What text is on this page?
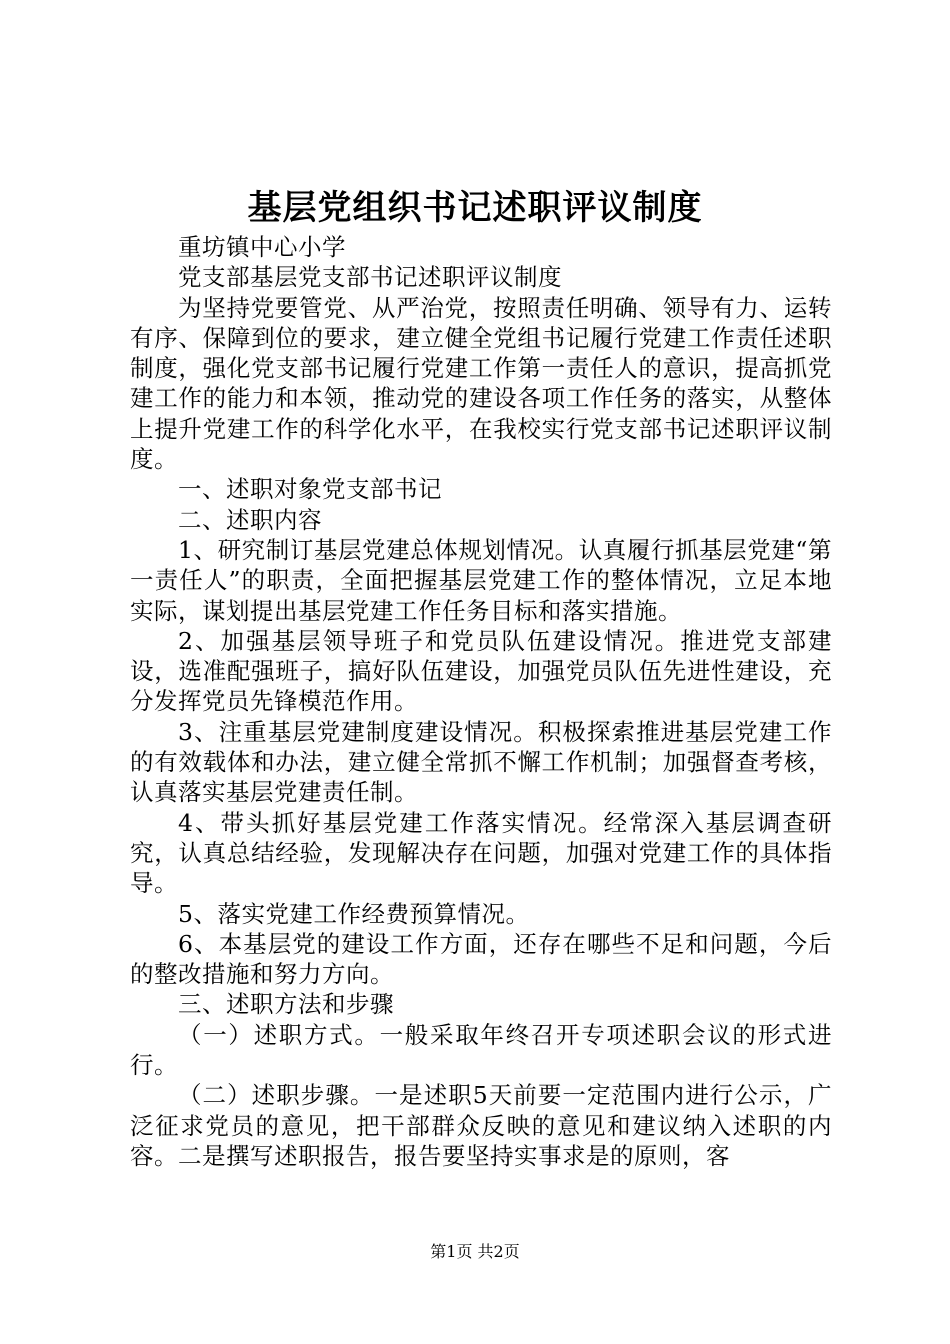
基层党组织书记述职评议制度

重坊镇中心小学

党支部基层党支部书记述职评议制度

为坚持党要管党、从严治党，按照责任明确、领导有力、运转有序、保障到位的要求，建立健全党组书记履行党建工作责任述职制度，强化党支部书记履行党建工作第一责任人的意识，提高抓党建工作的能力和本领，推动党的建设各项工作任务的落实，从整体上提升党建工作的科学化水平，在我校实行党支部书记述职评议制度。

一、述职对象党支部书记

二、述职内容

1、研究制订基层党建总体规划情况。认真履行抓基层党建“第一责任人”的职责，全面把握基层党建工作的整体情况，立足本地实际，谋划提出基层党建工作任务目标和落实措施。

2、加强基层领导班子和党员队伍建设情况。推进党支部建设，选准配强班子，搞好队伍建设，加强党员队伍先进性建设，充分发挥党员先锋模范作用。

3、注重基层党建制度建设情况。积极探索推进基层党建工作的有效载体和办法，建立健全常抓不懈工作机制；加强督查考核，认真落实基层党建责任制。

4、带头抓好基层党建工作落实情况。经常深入基层调查研究，认真总结经验，发现解决存在问题，加强对党建工作的具体指导。

5、落实党建工作经费预算情况。

6、本基层党的建设工作方面，还存在哪些不足和问题，今后的整改措施和努力方向。

三、述职方法和步骤

（一）述职方式。一般采取年终召开专项述职会议的形式进行。

（二）述职步骤。一是述职5天前要一定范围内进行公示，广泛征求党员的意见，把干部群众反映的意见和建议纳入述职的内容。二是撰写述职报告，报告要坚持实事求是的原则，客

第1页 共2页
